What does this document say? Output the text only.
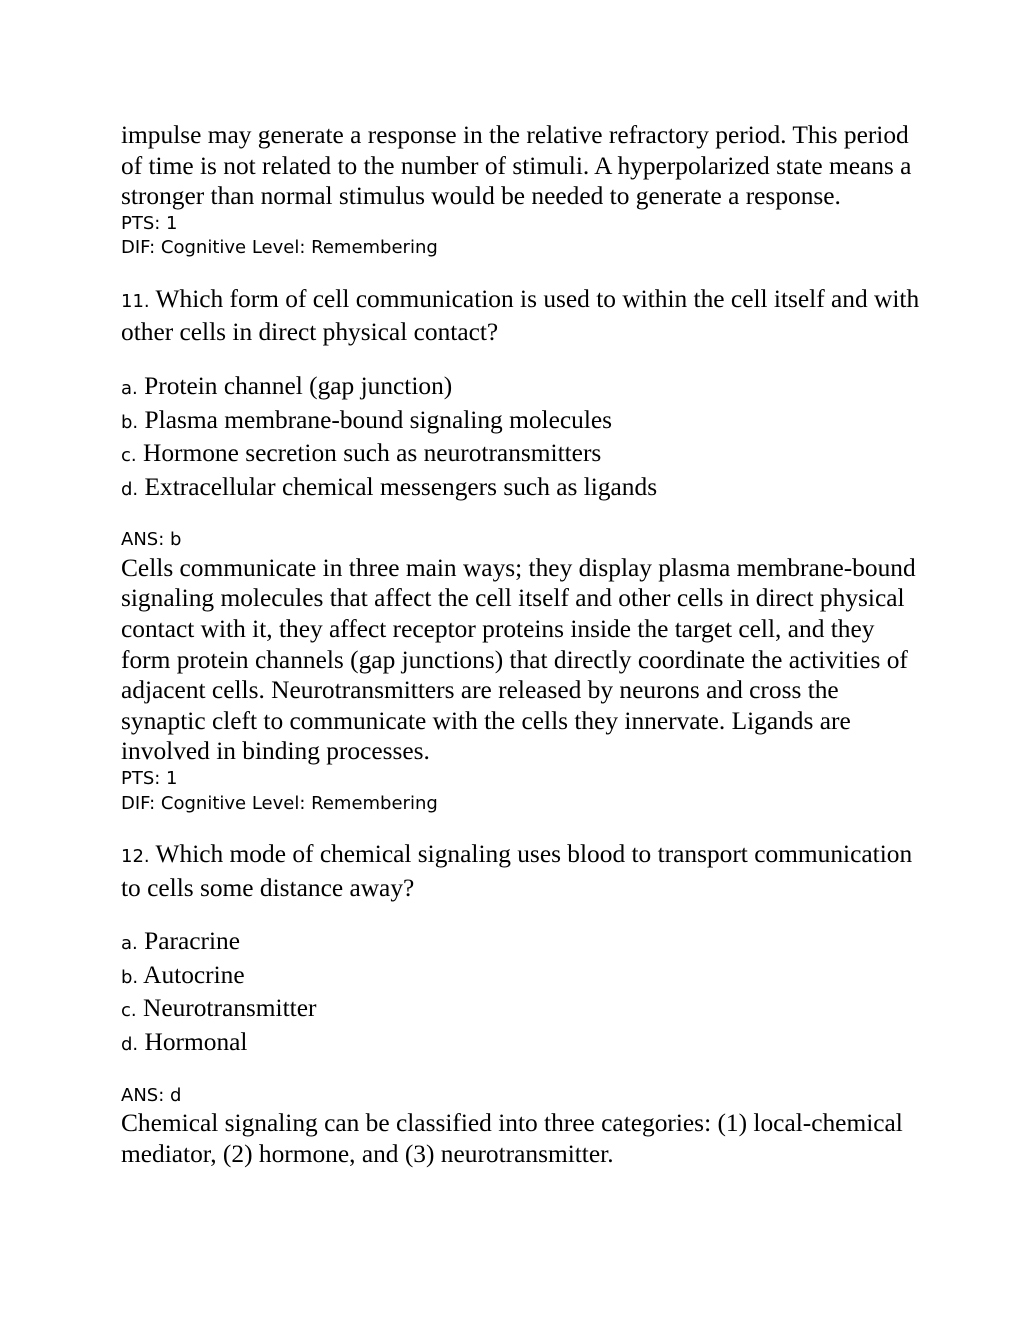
impulse may generate a response in the relative refractory period. This period of time is not related to the number of stimuli. A hyperpolarized state means a stronger than normal stimulus would be needed to generate a response.

PTS: 1

DIF: Cognitive Level: Remembering

11. Which form of cell communication is used to within the cell itself and with other cells in direct physical contact?

a. Protein channel (gap junction)
b. Plasma membrane-bound signaling molecules
c. Hormone secretion such as neurotransmitters
d. Extracellular chemical messengers such as ligands

ANS: b

Cells communicate in three main ways; they display plasma membrane-bound signaling molecules that affect the cell itself and other cells in direct physical contact with it, they affect receptor proteins inside the target cell, and they form protein channels (gap junctions) that directly coordinate the activities of adjacent cells. Neurotransmitters are released by neurons and cross the synaptic cleft to communicate with the cells they innervate. Ligands are involved in binding processes.

PTS: 1

DIF: Cognitive Level: Remembering

12. Which mode of chemical signaling uses blood to transport communication to cells some distance away?

a. Paracrine
b. Autocrine
c. Neurotransmitter
d. Hormonal

ANS: d

Chemical signaling can be classified into three categories: (1) local-chemical mediator, (2) hormone, and (3) neurotransmitter.
